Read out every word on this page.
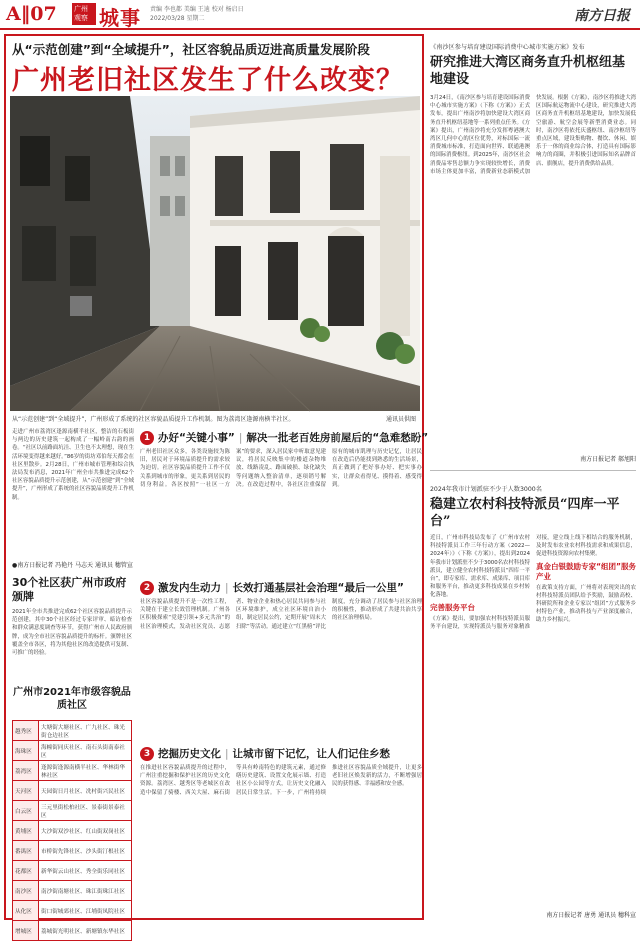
A‖07 广州观察 城事 责编 李也都 美编 王迪 校对 杨启日
2022/03/28 星期二	南方日报
从“示范创建”到“全域提升”，社区容貌品质迈进高质量发展阶段
广州老旧社区发生了什么改变？
从“示范创建”到“全域提升”，广州形成了系统的社区容貌品质提升工作机制。图为荔湾区逢源南横半社区。	通讯员供图
走进广州市荔湾区逢源南横半社区，整洁的石板街与两边的历史建筑一起构成了一幅岭南古韵的画卷。“社区以前路面坑洼、卫生也不太理想，现在生活环境变得越来越好。”86岁的街坊邓伯每天都会在社区里散步。2月28日，广州市城市管理和综合执法局发布消息，2021年广州全市共推进完成62个社区容貌品质提升示范创建，从“示范创建”到“全域提升”，广州形成了系统的社区容貌品质提升工作机制。
●南方日报记者 冯艳丹 马志天 通讯员 穗管宣
30个社区获广州市政府颁牌
2021年全市共推进完成62个社区容貌品质提升示范创建，其中30个社区经过专家评审、暗访检查和群众满意度调查等环节，获得广州市人民政府颁牌，成为全市社区容貌品质提升的标杆。颁牌社区覆盖全市各区，将为其他社区的改造提供可复制、可推广的经验。
广州市2021年市级容貌品质社区
越秀区	大塘街大塘社区、广九社区、珠光街仓边社区
海珠区	海幢街同庆社区、南石头街南泰社区
荔湾区	逢源街逢源南横半社区、华林街华林社区
天河区	天园街日月社区、冼村街兴民社区
白云区	三元里街松柏社区、景泰街景泰社区
黄埔区	大沙街双沙社区、红山街双岗社区
番禺区	市桥街先锋社区、沙头街汀根社区
花都区	新华街云山社区、秀全街乐同社区
南沙区	南沙街南塘社区、珠江街珠江社区
从化区	街口街城郊社区、江埔街凤院社区
增城区	荔城街光明社区、新塘镇东华社区
1 办好“关键小事” | 解决一批老百姓房前屋后的“急难愁盼”
广州老旧社区众多，各类设施较为陈旧，居民对于环境品质提升的需求较为迫切。社区容貌品质提升工作不仅关系到城市的形象，更关系到居民的切身利益。各区按照“一社区一方案”的要求，深入居民家中听取意见建议，将居民反映集中的楼道杂物堆放、线路凌乱、路面破损、绿化缺失等问题纳入整治清单，逐项销号解决。在改造过程中，各社区注重保留原有的城市肌理与历史记忆，让居民在改造后仍能找到熟悉的生活场景，真正做到了把好事办好、把实事办实，让群众看得见、摸得着、感受得到。
2 激发内生动力 | 长效打通基层社会治理“最后一公里”
社区容貌品质提升不是一次性工程，关键在于建立长效管理机制。广州各区积极探索“党建引领+多元共治”的社区治理模式，发动社区党员、志愿者、物业企业和热心居民共同参与社区环境维护，成立社区环境自治小组，制定居民公约，定期开展“周末大扫除”等活动。通过建立“红黑榜”评比制度，充分调动了居民参与社区治理的积极性，推动形成了共建共治共享的社区治理格局。
3 挖掘历史文化 | 让城市留下记忆，让人们记住乡愁
在推进社区容貌品质提升的过程中，广州注重挖掘和保护社区的历史文化资源。荔湾区、越秀区等老城区在改造中保留了骑楼、西关大屋、麻石街等具有岭南特色的建筑元素，通过修缮历史建筑、设置文化展示墙、打造社区小公园等方式，让历史文化融入居民日常生活。下一步，广州将持续推进社区容貌品质全域提升，让更多老旧社区焕发新的活力，不断增强居民的获得感、幸福感和安全感。
《南沙区参与培育建设国际消费中心城市实施方案》发布
研究推进大湾区商务直升机枢纽基地建设
3月24日，《南沙区参与培育建设国际消费中心城市实施方案》（下称《方案》）正式发布，提出广州南沙将加快建设大湾区商务直升机枢纽基地等一系列重点任务。《方案》提出，广州南沙将充分发挥粤港澳大湾区几何中心的区位优势，对标国际一流消费城市标准，打造面向世界、联通港澳的国际消费枢纽。到2025年，南沙区社会消费品零售总额力争实现较快增长，消费市场主体更加丰富，消费新业态新模式加快发展。根据《方案》，南沙区将推进大湾区国际航运物流中心建设，研究推进大湾区商务直升机枢纽基地建设，加快发展低空旅游、航空会展等新型消费业态。同时，南沙区将依托庆盛枢纽、南沙枢纽等重点区域，建设集购物、餐饮、休闲、娱乐于一体的商业综合体，打造具有国际影响力的商圈，并积极引进国际知名品牌首店、旗舰店，提升消费供给品质。
南方日报记者 郝旭阳
2024年我市计划派驻不少于人数3000名
稳建立农村科技特派员“四库一平台”

近日，广州市科技局发布了《广州市农村科技特派员工作三年行动方案（2022—2024年）》（下称《方案》），提出到2024年我市计划派驻不少于3000名农村科技特派员，建立健全农村科技特派员“四库一平台”，即专家库、需求库、成果库、项目库和服务平台，推动更多科技成果在乡村转化落地。

完善服务平台

《方案》提出，要加强农村科技特派员服务平台建设，实现特派员与服务对象精准对接，建立线上线下相结合的服务机制，及时发布农业农村科技需求和成果信息，促进科技资源向农村集聚。

真金白银鼓励专家“组团”服务产业

在政策支持方面，广州将对表现突出的农村科技特派员团队给予奖励，鼓励高校、科研院所和企业专家以“组团”方式服务乡村特色产业，推动科技与产业深度融合，助力乡村振兴。

南方日报记者 唐勇 通讯员 穗科宣
